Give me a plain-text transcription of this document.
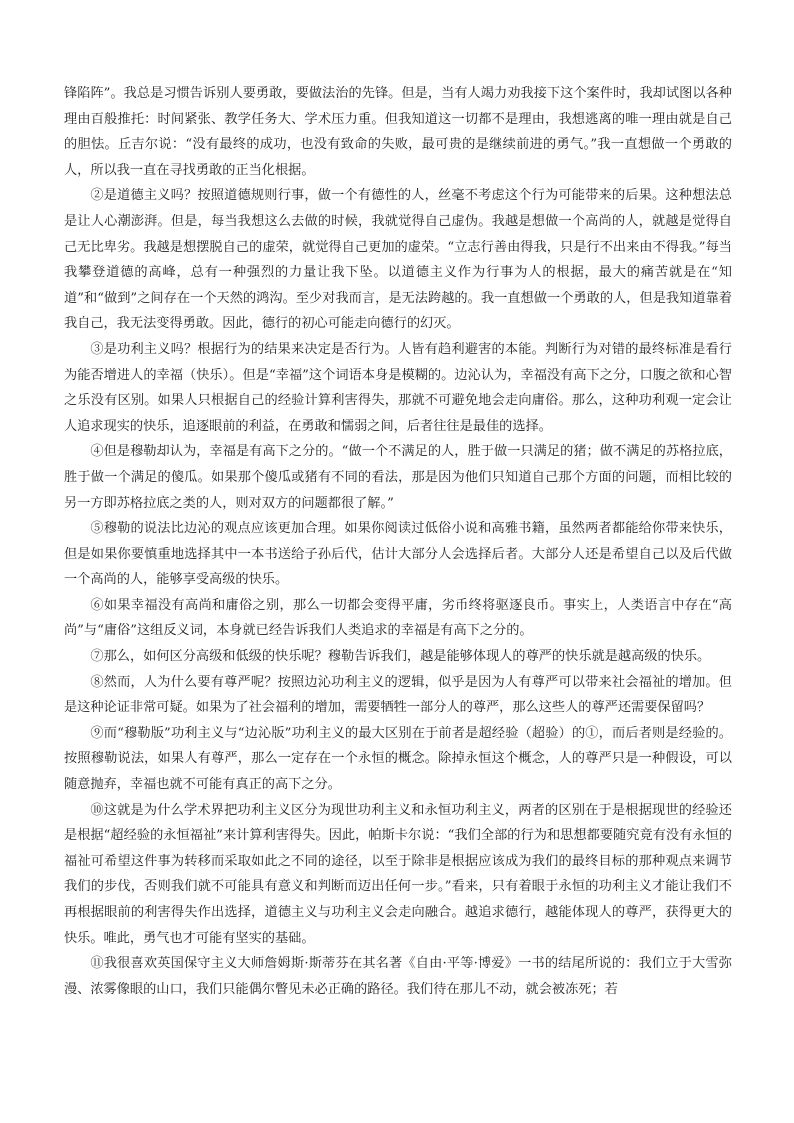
锋陷阵”。我总是习惯告诉别人要勇敢，要做法治的先锋。但是，当有人竭力劝我接下这个案件时，我却试图以各种理由百般推托：时间紧张、教学任务大、学术压力重。但我知道这一切都不是理由，我想逃离的唯一理由就是自己的胆怯。丘吉尔说：“没有最终的成功，也没有致命的失败，最可贵的是继续前进的勇气。”我一直想做一个勇敢的人，所以我一直在寻找勇敢的正当化根据。

②是道德主义吗？按照道德规则行事，做一个有德性的人，丝毫不考虑这个行为可能带来的后果。这种想法总是让人心潮澎湃。但是，每当我想这么去做的时候，我就觉得自己虚伪。我越是想做一个高尚的人，就越是觉得自己无比卑劣。我越是想摆脱自己的虚荣，就觉得自己更加的虚荣。“立志行善由得我，只是行不出来由不得我。”每当我攀登道德的高峰，总有一种强烈的力量让我下坠。以道德主义作为行事为人的根据，最大的痛苦就是在“知道”和“做到”之间存在一个天然的鸿沟。至少对我而言，是无法跨越的。我一直想做一个勇敢的人，但是我知道靠着我自己，我无法变得勇敢。因此，德行的初心可能走向德行的幻灭。

③是功利主义吗？根据行为的结果来决定是否行为。人皆有趋利避害的本能。判断行为对错的最终标准是看行为能否增进人的幸福（快乐）。但是“幸福”这个词语本身是模糊的。边沁认为，幸福没有高下之分，口腹之欲和心智之乐没有区别。如果人只根据自己的经验计算利害得失，那就不可避免地会走向庸俗。那么，这种功利观一定会让人追求现实的快乐，追逐眼前的利益，在勇敢和懦弱之间，后者往往是最佳的选择。

④但是穆勒却认为，幸福是有高下之分的。“做一个不满足的人，胜于做一只满足的猪；做不满足的苏格拉底，胜于做一个满足的傻瓜。如果那个傻瓜或猪有不同的看法，那是因为他们只知道自己那个方面的问题，而相比较的另一方即苏格拉底之类的人，则对双方的问题都很了解。”

⑤穆勒的说法比边沁的观点应该更加合理。如果你阅读过低俗小说和高雅书籍，虽然两者都能给你带来快乐，但是如果你要慎重地选择其中一本书送给子孙后代，估计大部分人会选择后者。大部分人还是希望自己以及后代做一个高尚的人，能够享受高级的快乐。

⑥如果幸福没有高尚和庸俗之别，那么一切都会变得平庸，劣币终将驱逐良币。事实上，人类语言中存在“高尚”与“庸俗”这组反义词，本身就已经告诉我们人类追求的幸福是有高下之分的。

⑦那么，如何区分高级和低级的快乐呢？穆勒告诉我们，越是能够体现人的尊严的快乐就是越高级的快乐。

⑧然而，人为什么要有尊严呢？按照边沁功利主义的逻辑，似乎是因为人有尊严可以带来社会福祉的增加。但是这种论证非常可疑。如果为了社会福利的增加，需要牺牲一部分人的尊严，那么这些人的尊严还需要保留吗？

⑨而“穆勒版”功利主义与“边沁版”功利主义的最大区别在于前者是超经验（超验）的①，而后者则是经验的。按照穆勒说法，如果人有尊严，那么一定存在一个永恒的概念。除掉永恒这个概念，人的尊严只是一种假设，可以随意抛弃，幸福也就不可能有真正的高下之分。

⑩这就是为什么学术界把功利主义区分为现世功利主义和永恒功利主义，两者的区别在于是根据现世的经验还是根据“超经验的永恒福祉”来计算利害得失。因此，帕斯卡尔说：“我们全部的行为和思想都要随究竟有没有永恒的福祉可希望这件事为转移而采取如此之不同的途径，以至于除非是根据应该成为我们的最终目标的那种观点来调节我们的步伐，否则我们就不可能具有意义和判断而迈出任何一步。”看来，只有着眼于永恒的功利主义才能让我们不再根据眼前的利害得失作出选择，道德主义与功利主义会走向融合。越追求德行，越能体现人的尊严，获得更大的快乐。唯此，勇气也才可能有坚实的基础。

⑪我很喜欢英国保守主义大师詹姆斯·斯蒂芬在其名著《自由·平等·博爱》一书的结尾所说的：我们立于大雪弥漫、浓雾像眼的山口，我们只能偶尔瞥见未必正确的路径。我们待在那儿不动，就会被冻死；若
